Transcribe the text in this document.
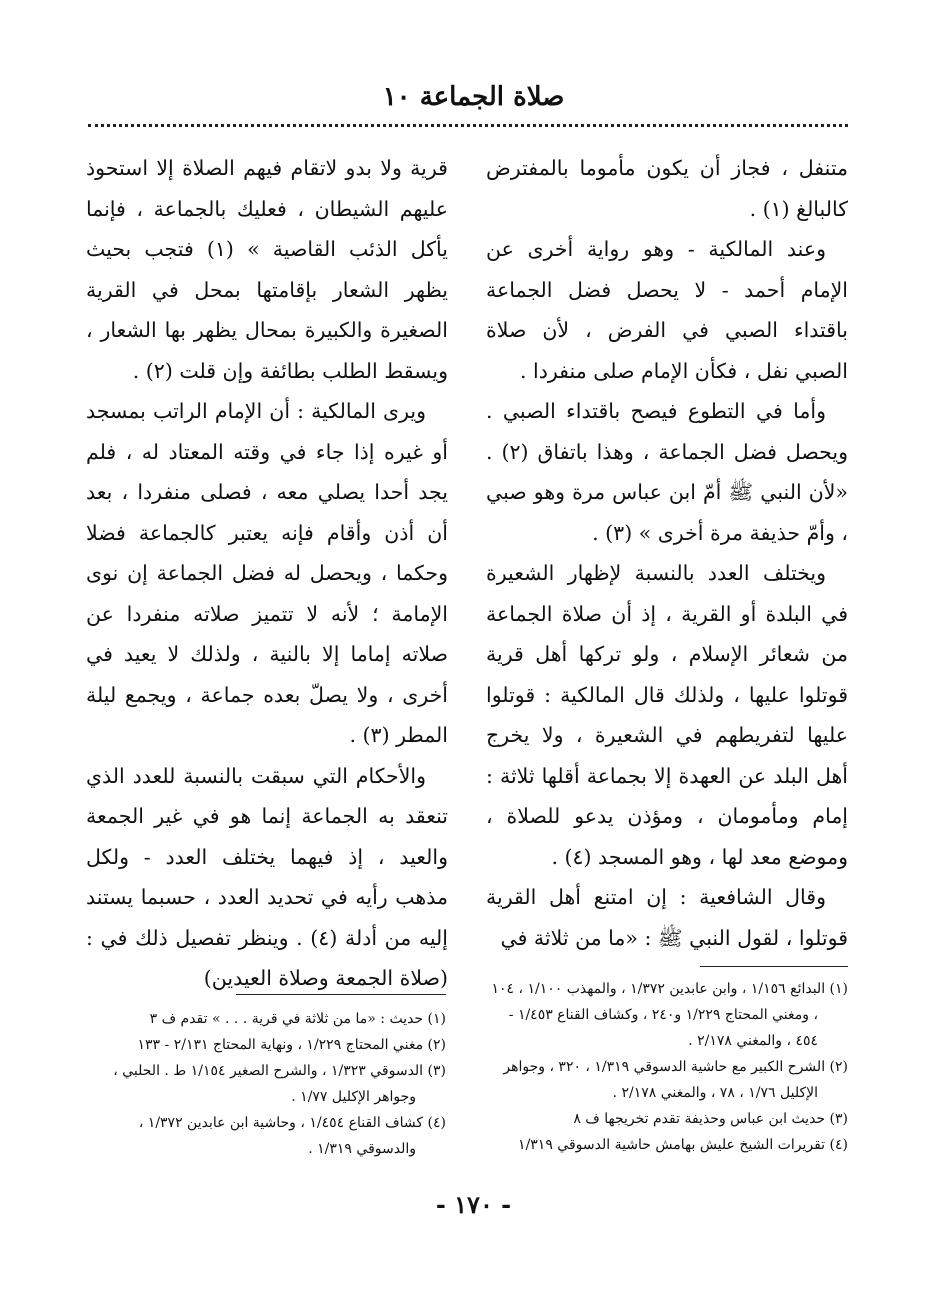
صلاة الجماعة ١٠

متنفل ، فجاز أن يكون مأموما بالمفترض كالبالغ (١) .

وعند المالكية - وهو رواية أخرى عن الإمام أحمد - لا يحصل فضل الجماعة باقتداء الصبي في الفرض ، لأن صلاة الصبي نفل ، فكأن الإمام صلى منفردا .

وأما في التطوع فيصح باقتداء الصبي . ويحصل فضل الجماعة ، وهذا باتفاق (٢) . «لأن النبي ﷺ أمّ ابن عباس مرة وهو صبي ، وأمّ حذيفة مرة أخرى » (٣) .

ويختلف العدد بالنسبة لإظهار الشعيرة في البلدة أو القرية ، إذ أن صلاة الجماعة من شعائر الإسلام ، ولو تركها أهل قرية قوتلوا عليها ، ولذلك قال المالكية : قوتلوا عليها لتفريطهم في الشعيرة ، ولا يخرج أهل البلد عن العهدة إلا بجماعة أقلها ثلاثة : إمام ومأمومان ، ومؤذن يدعو للصلاة ، وموضع معد لها ، وهو المسجد (٤) .

وقال الشافعية : إن امتنع أهل القرية قوتلوا ، لقول النبي ﷺ : «ما من ثلاثة في

قرية ولا بدو لاتقام فيهم الصلاة إلا استحوذ عليهم الشيطان ، فعليك بالجماعة ، فإنما يأكل الذئب القاصية » (١) فتجب بحيث يظهر الشعار بإقامتها بمحل في القرية الصغيرة والكبيرة بمحال يظهر بها الشعار ، ويسقط الطلب بطائفة وإن قلت (٢) .

ويرى المالكية : أن الإمام الراتب بمسجد أو غيره إذا جاء في وقته المعتاد له ، فلم يجد أحدا يصلي معه ، فصلى منفردا ، بعد أن أذن وأقام فإنه يعتبر كالجماعة فضلا وحكما ، ويحصل له فضل الجماعة إن نوى الإمامة ؛ لأنه لا تتميز صلاته منفردا عن صلاته إماما إلا بالنية ، ولذلك لا يعيد في أخرى ، ولا يصلّ بعده جماعة ، ويجمع ليلة المطر (٣) .

والأحكام التي سبقت بالنسبة للعدد الذي تنعقد به الجماعة إنما هو في غير الجمعة والعيد ، إذ فيهما يختلف العدد - ولكل مذهب رأيه في تحديد العدد ، حسبما يستند إليه من أدلة (٤) . وينظر تفصيل ذلك في : (صلاة الجمعة وصلاة العيدين)	(١) البدائع ١/١٥٦ ، وابن عابدين ١/٣٧٢ ، والمهذب ١/١٠٠ ، ١٠٤ ، ومغني المحتاج ١/٢٢٩ و٢٤٠ ، وكشاف القناع ١/٤٥٣ - ٤٥٤ ، والمغني ٢/١٧٨ .

(٢) الشرح الكبير مع حاشية الدسوقي ١/٣١٩ ، ٣٢٠ ، وجواهر الإكليل ١/٧٦ ، ٧٨ ، والمغني ٢/١٧٨ .

(٣) حديث ابن عباس وحذيفة تقدم تخريجها ف ٨

(٤) تقريرات الشيخ عليش بهامش حاشية الدسوقي ١/٣١٩

(١) حديث : «ما من ثلاثة في قرية . . . » تقدم ف ٣

(٢) مغني المحتاج ١/٢٢٩ ، ونهاية المحتاج ٢/١٣١ - ١٣٣

(٣) الدسوقي ١/٣٢٣ ، والشرح الصغير ١/١٥٤ ط . الحلبي ، وجواهر الإكليل ١/٧٧ .

(٤) كشاف القناع ١/٤٥٤ ، وحاشية ابن عابدين ١/٣٧٢ ، والدسوقي ١/٣١٩ .

- ١٧٠ -
